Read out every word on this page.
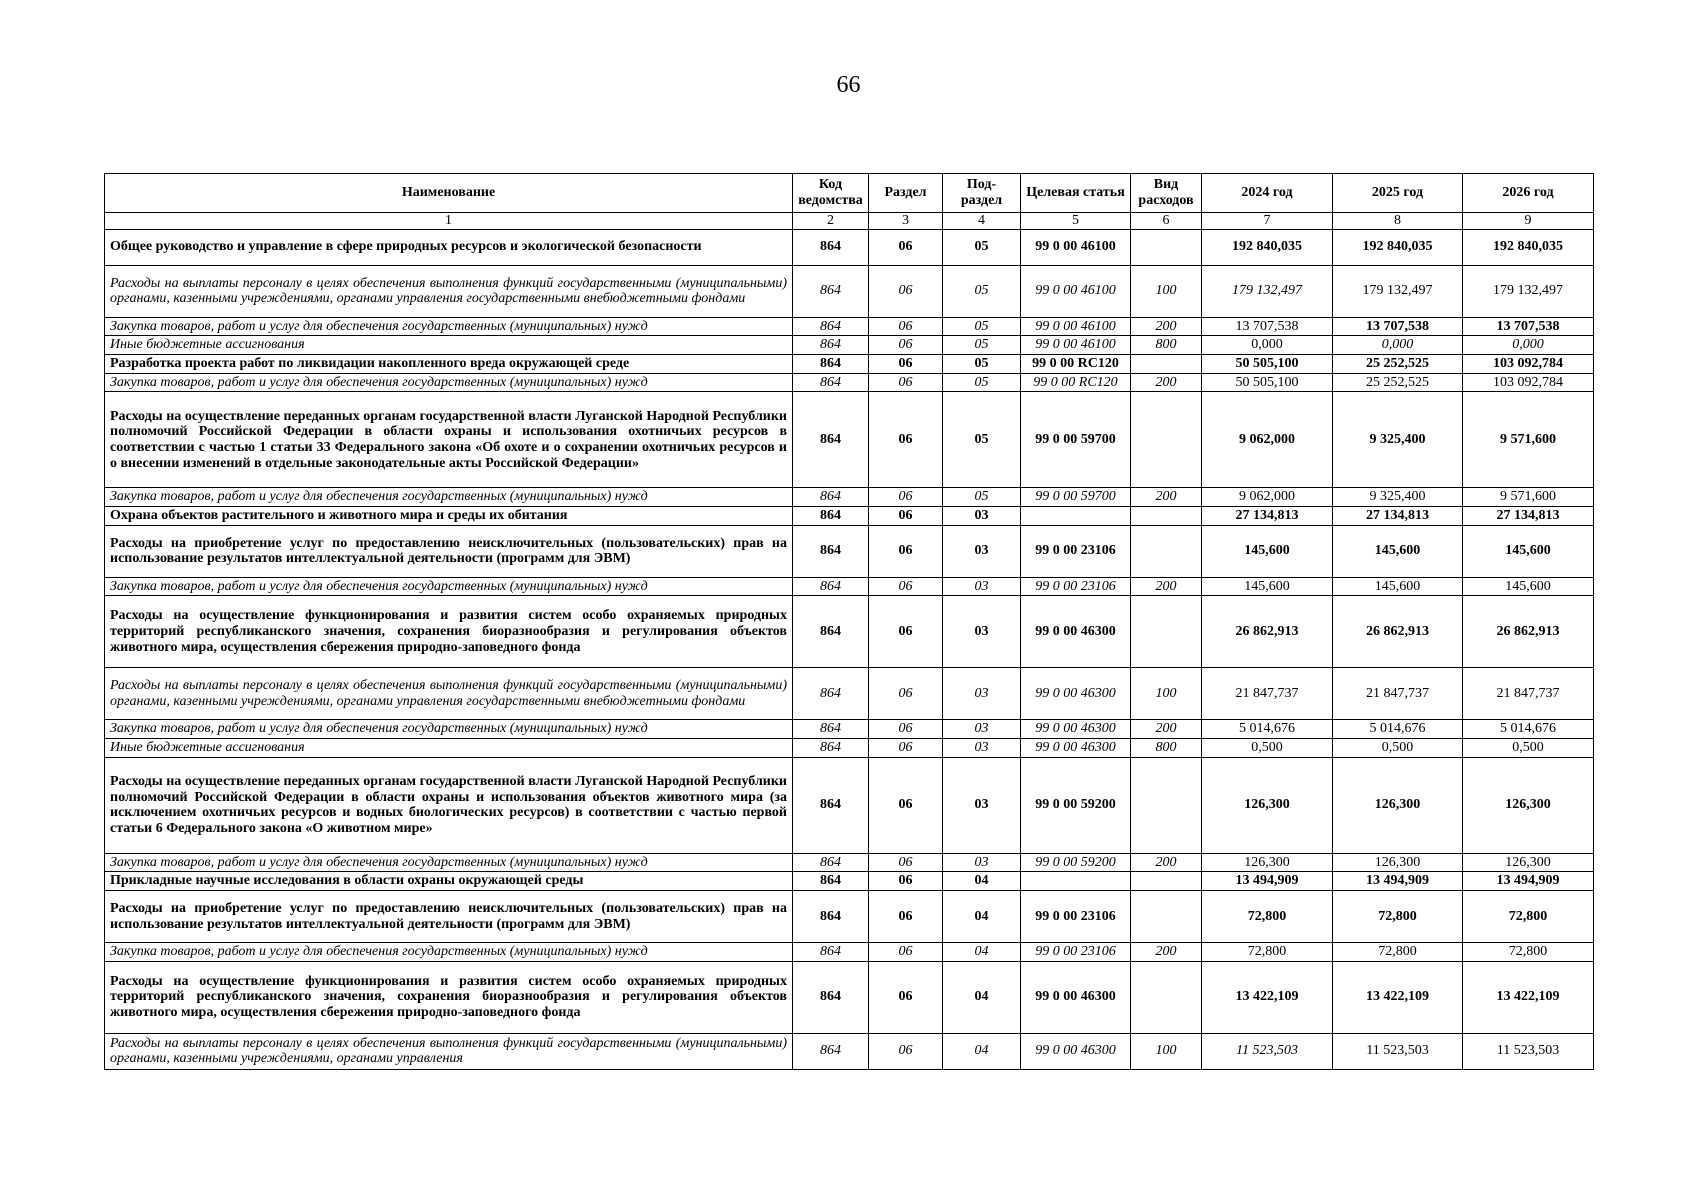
66
Наименование	Код ведомства	Раздел	Под-раздел	Целевая статья	Вид расходов	2024 год	2025 год	2026 год
1	2	3	4	5	6	7	8	9
Общее руководство и управление в сфере природных ресурсов и экологической безопасности	864	06	05	99 0 00 46100		192 840,035	192 840,035	192 840,035
Расходы на выплаты персоналу в целях обеспечения выполнения функций государственными (муниципальными) органами, казенными учреждениями, органами управления государственными внебюджетными фондами	864	06	05	99 0 00 46100	100	179 132,497	179 132,497	179 132,497
Закупка товаров, работ и услуг для обеспечения государственных (муниципальных) нужд	864	06	05	99 0 00 46100	200	13 707,538	13 707,538	13 707,538
Иные бюджетные ассигнования	864	06	05	99 0 00 46100	800	0,000	0,000	0,000
Разработка проекта работ по ликвидации накопленного вреда окружающей среде	864	06	05	99 0 00 RC120		50 505,100	25 252,525	103 092,784
Закупка товаров, работ и услуг для обеспечения государственных (муниципальных) нужд	864	06	05	99 0 00 RC120	200	50 505,100	25 252,525	103 092,784
Расходы на осуществление переданных органам государственной власти Луганской Народной Республики полномочий Российской Федерации в области охраны и использования охотничьих ресурсов в соответствии с частью 1 статьи 33 Федерального закона «Об охоте и о сохранении охотничьих ресурсов и о внесении изменений в отдельные законодательные акты Российской Федерации»	864	06	05	99 0 00 59700		9 062,000	9 325,400	9 571,600
Закупка товаров, работ и услуг для обеспечения государственных (муниципальных) нужд	864	06	05	99 0 00 59700	200	9 062,000	9 325,400	9 571,600
Охрана объектов растительного и животного мира и среды их обитания	864	06	03			27 134,813	27 134,813	27 134,813
Расходы на приобретение услуг по предоставлению неисключительных (пользовательских) прав на использование результатов интеллектуальной деятельности (программ для ЭВМ)	864	06	03	99 0 00 23106		145,600	145,600	145,600
Закупка товаров, работ и услуг для обеспечения государственных (муниципальных) нужд	864	06	03	99 0 00 23106	200	145,600	145,600	145,600
Расходы на осуществление функционирования и развития систем особо охраняемых природных территорий республиканского значения, сохранения биоразнообразия и регулирования объектов животного мира, осуществления сбережения природно-заповедного фонда	864	06	03	99 0 00 46300		26 862,913	26 862,913	26 862,913
Расходы на выплаты персоналу в целях обеспечения выполнения функций государственными (муниципальными) органами, казенными учреждениями, органами управления государственными внебюджетными фондами	864	06	03	99 0 00 46300	100	21 847,737	21 847,737	21 847,737
Закупка товаров, работ и услуг для обеспечения государственных (муниципальных) нужд	864	06	03	99 0 00 46300	200	5 014,676	5 014,676	5 014,676
Иные бюджетные ассигнования	864	06	03	99 0 00 46300	800	0,500	0,500	0,500
Расходы на осуществление переданных органам государственной власти Луганской Народной Республики полномочий Российской Федерации в области охраны и использования объектов животного мира (за исключением охотничьих ресурсов и водных биологических ресурсов) в соответствии с частью первой статьи 6 Федерального закона «О животном мире»	864	06	03	99 0 00 59200		126,300	126,300	126,300
Закупка товаров, работ и услуг для обеспечения государственных (муниципальных) нужд	864	06	03	99 0 00 59200	200	126,300	126,300	126,300
Прикладные научные исследования в области охраны окружающей среды	864	06	04			13 494,909	13 494,909	13 494,909
Расходы на приобретение услуг по предоставлению неисключительных (пользовательских) прав на использование результатов интеллектуальной деятельности (программ для ЭВМ)	864	06	04	99 0 00 23106		72,800	72,800	72,800
Закупка товаров, работ и услуг для обеспечения государственных (муниципальных) нужд	864	06	04	99 0 00 23106	200	72,800	72,800	72,800
Расходы на осуществление функционирования и развития систем особо охраняемых природных территорий республиканского значения, сохранения биоразнообразия и регулирования объектов животного мира, осуществления сбережения природно-заповедного фонда	864	06	04	99 0 00 46300		13 422,109	13 422,109	13 422,109
Расходы на выплаты персоналу в целях обеспечения выполнения функций государственными (муниципальными) органами, казенными учреждениями, органами управления	864	06	04	99 0 00 46300	100	11 523,503	11 523,503	11 523,503
